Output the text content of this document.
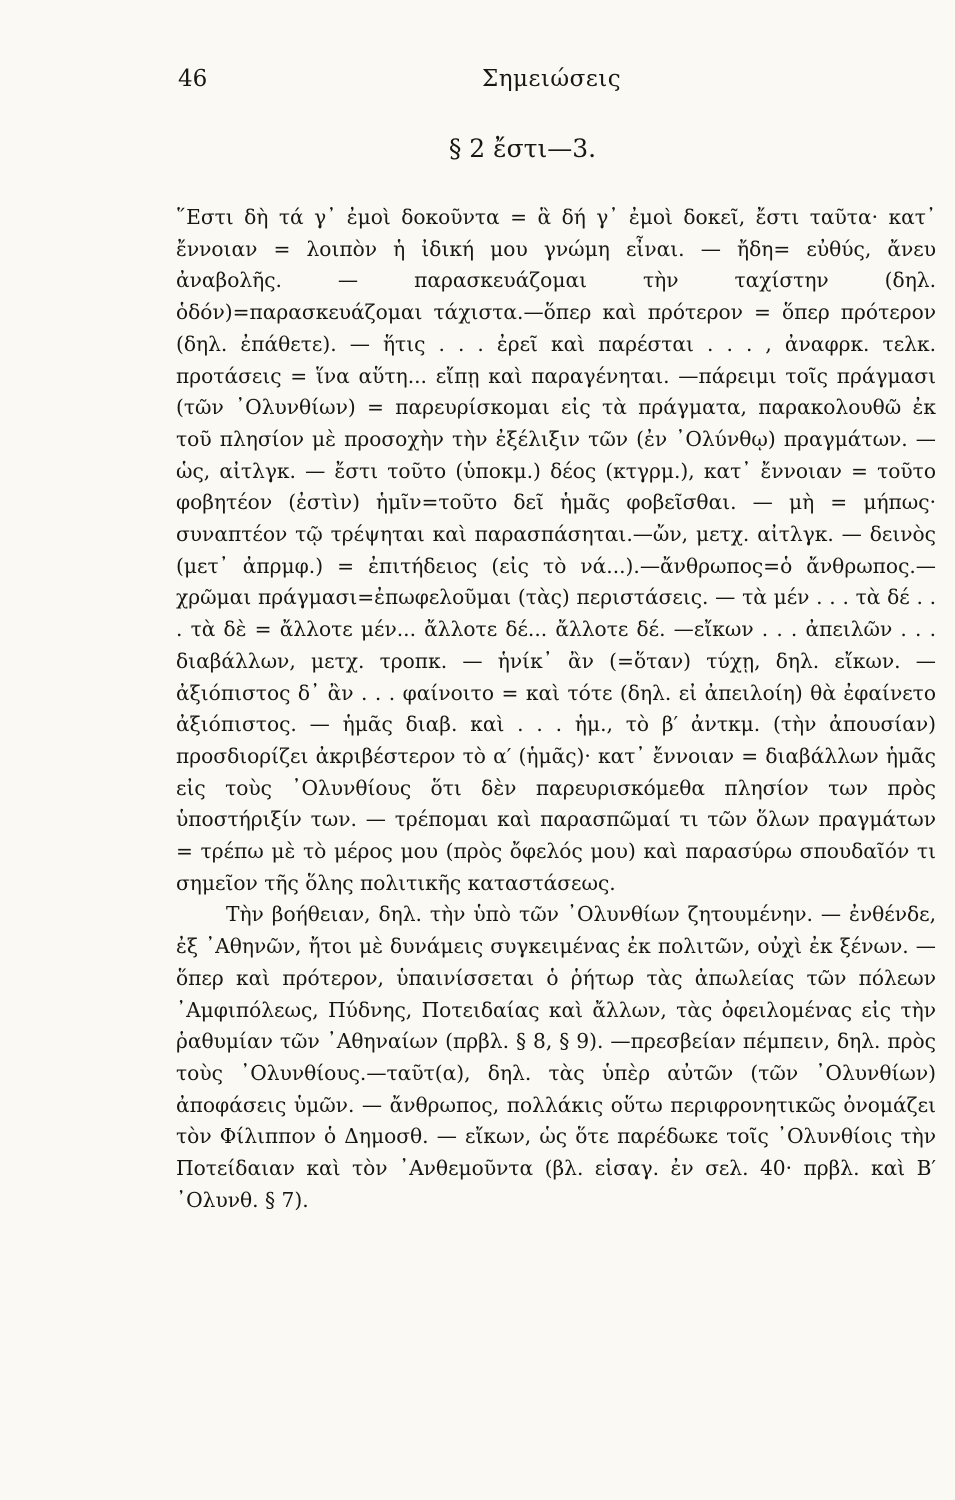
46	Σημειώσεις
§ 2 ἔστι—3.

῞Εστι δὴ τά γ᾽ ἐμοὶ δοκοῦντα = ἃ δή γ᾽ ἐμοὶ δοκεῖ, ἔστι ταῦτα· κατ᾽ ἔννοιαν = λοιπὸν ἡ ἰδική μου γνώμη εἶναι. — ἤδη= εὐθύς, ἄνευ ἀναβολῆς. — παρασκευάζομαι τὴν ταχίστην (δηλ. ὁδόν)=παρασκευάζομαι τάχιστα.—ὅπερ καὶ πρότερον = ὅπερ πρότερον (δηλ. ἐπάθετε). — ἥτις . . . ἐρεῖ καὶ παρέσται . . . , ἀναφρκ. τελκ. προτάσεις = ἵνα αὕτη... εἴπῃ καὶ παραγένηται. —πάρειμι τοῖς πράγμασι (τῶν ᾿Ολυνθίων) = παρευρίσκομαι εἰς τὰ πράγματα, παρακολουθῶ ἐκ τοῦ πλησίον μὲ προσοχὴν τὴν ἐξέλιξιν τῶν (ἐν ᾿Ολύνθῳ) πραγμάτων. — ὡς, αἰτλγκ. — ἔστι τοῦτο (ὑποκμ.) δέος (κτγρμ.), κατ᾽ ἔννοιαν = τοῦτο φοβητέον (ἐστὶν) ἡμῖν=τοῦτο δεῖ ἡμᾶς φοβεῖσθαι. — μὴ = μήπως· συναπτέον τῷ τρέψηται καὶ παρασπάσηται.—ὤν, μετχ. αἰτλγκ. — δεινὸς (μετ᾽ ἀπρμφ.) = ἐπιτήδειος (εἰς τὸ νά...).—ἄνθρωπος=ὁ ἄνθρωπος.— χρῶμαι πράγμασι=ἐπωφελοῦμαι (τὰς) περιστάσεις. — τὰ μέν . . . τὰ δέ . . . τὰ δὲ = ἄλλοτε μέν... ἄλλοτε δέ... ἄλλοτε δέ. —εἴκων . . . ἀπειλῶν . . . διαβάλλων, μετχ. τροπκ. — ἡνίκ᾽ ἂν (=ὅταν) τύχῃ, δηλ. εἴκων. — ἀξιόπιστος δ᾽ ἂν . . . φαίνοιτο = καὶ τότε (δηλ. εἰ ἀπειλοίη) θὰ ἐφαίνετο ἀξιόπιστος. — ἡμᾶς διαβ. καὶ . . . ἡμ., τὸ β′ ἀντκμ. (τὴν ἀπουσίαν) προσδιορίζει ἀκριβέστερον τὸ α′ (ἡμᾶς)· κατ᾽ ἔννοιαν = διαβάλλων ἡμᾶς εἰς τοὺς ᾿Ολυνθίους ὅτι δὲν παρευρισκόμεθα πλησίον των πρὸς ὑποστήριξίν των. — τρέπομαι καὶ παρασπῶμαί τι τῶν ὅλων πραγμάτων = τρέπω μὲ τὸ μέρος μου (πρὸς ὄφελός μου) καὶ παρασύρω σπουδαῖόν τι σημεῖον τῆς ὅλης πολιτικῆς καταστάσεως.

Τὴν βοήθειαν, δηλ. τὴν ὑπὸ τῶν ᾿Ολυνθίων ζητουμένην. — ἐνθένδε, ἐξ ᾿Αθηνῶν, ἤτοι μὲ δυνάμεις συγκειμένας ἐκ πολιτῶν, οὐχὶ ἐκ ξένων. — ὅπερ καὶ πρότερον, ὑπαινίσσεται ὁ ῥήτωρ τὰς ἀπωλείας τῶν πόλεων ᾿Αμφιπόλεως, Πύδνης, Ποτειδαίας καὶ ἄλλων, τὰς ὀφειλομένας εἰς τὴν ῥαθυμίαν τῶν ᾿Αθηναίων (πρβλ. § 8, § 9). —πρεσβείαν πέμπειν, δηλ. πρὸς τοὺς ᾿Ολυνθίους.—ταῦτ(α), δηλ. τὰς ὑπὲρ αὐτῶν (τῶν ᾿Ολυνθίων) ἀποφάσεις ὑμῶν. — ἄνθρωπος, πολλάκις οὕτω περιφρονητικῶς ὀνομάζει τὸν Φίλιππον ὁ Δημοσθ. — εἴκων, ὡς ὅτε παρέδωκε τοῖς ᾿Ολυνθίοις τὴν Ποτείδαιαν καὶ τὸν ᾿Ανθεμοῦντα (βλ. εἰσαγ. ἐν σελ. 40· πρβλ. καὶ Β′ ᾿Ολυνθ. § 7).
